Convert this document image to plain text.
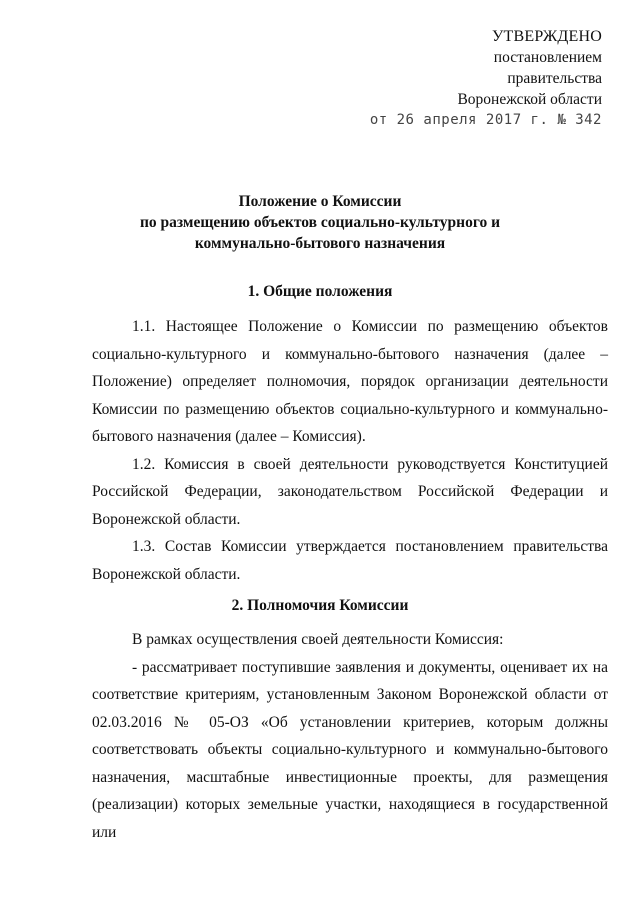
УТВЕРЖДЕНО
постановлением
правительства
Воронежской области
от 26 апреля 2017 г. № 342
Положение о Комиссии
по размещению объектов социально-культурного и
коммунально-бытового назначения
1. Общие положения

1.1. Настоящее Положение о Комиссии по размещению объектов социально-культурного и коммунально-бытового назначения (далее – Положение) определяет полномочия, порядок организации деятельности Комиссии по размещению объектов социально-культурного и коммунально-бытового назначения (далее – Комиссия).

1.2. Комиссия в своей деятельности руководствуется Конституцией Российской Федерации, законодательством Российской Федерации и Воронежской области.

1.3. Состав Комиссии утверждается постановлением правительства Воронежской области.

2. Полномочия Комиссии

В рамках осуществления своей деятельности Комиссия:

- рассматривает поступившие заявления и документы, оценивает их на соответствие критериям, установленным Законом Воронежской области от 02.03.2016 № 05-ОЗ «Об установлении критериев, которым должны соответствовать объекты социально-культурного и коммунально-бытового назначения, масштабные инвестиционные проекты, для размещения (реализации) которых земельные участки, находящиеся в государственной или
